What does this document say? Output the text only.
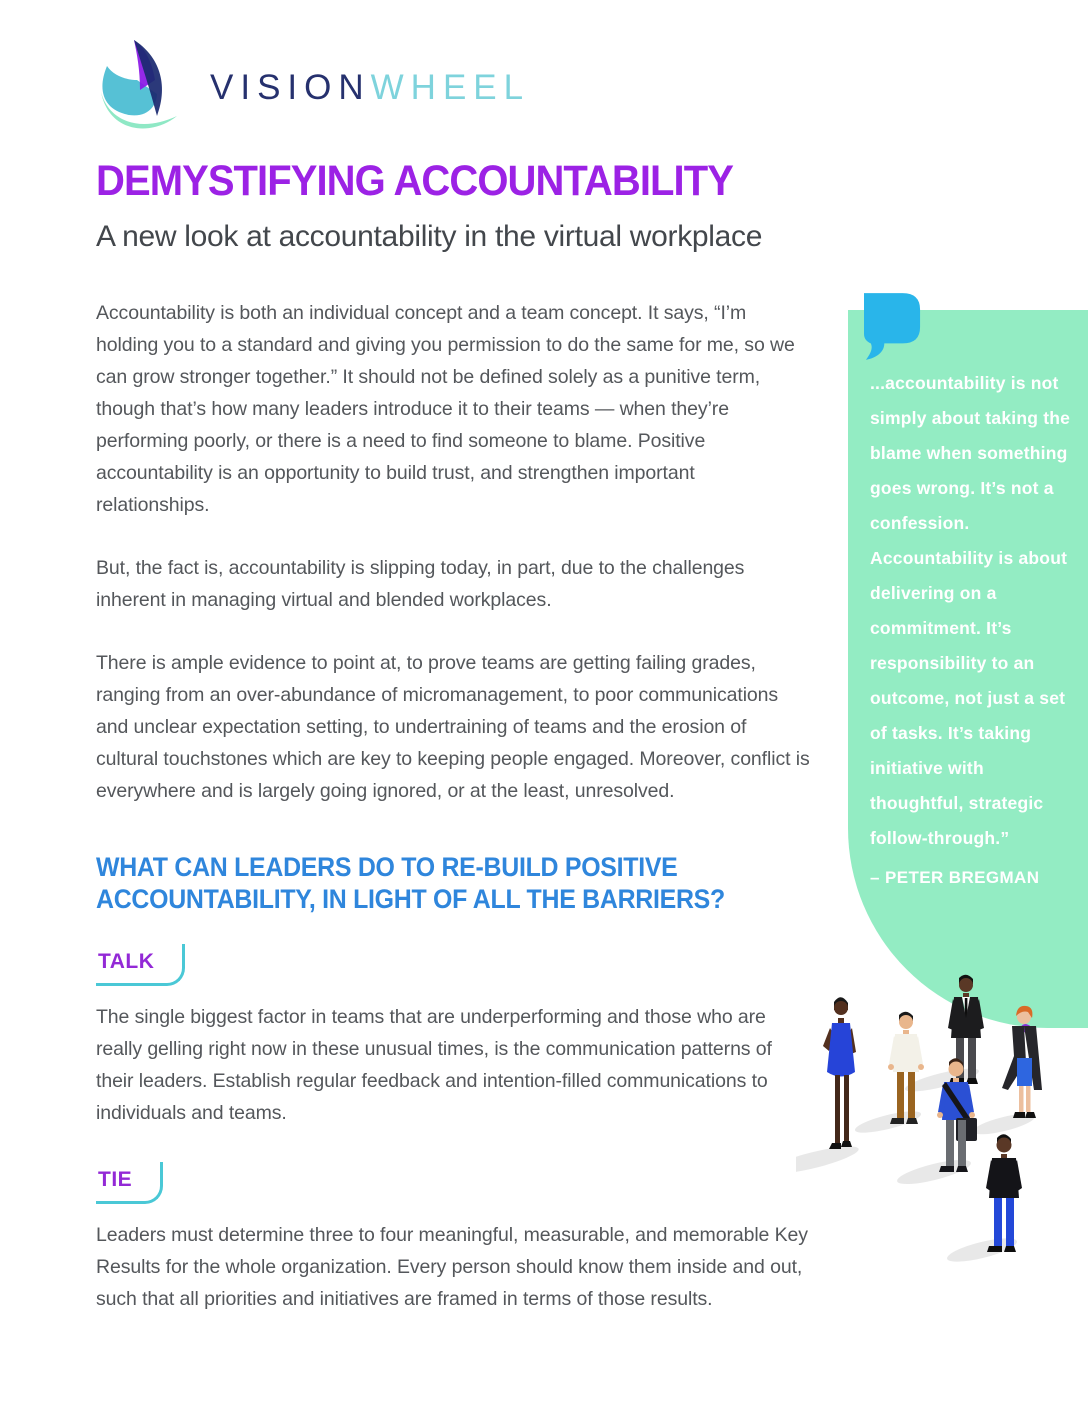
VISIONWHEEL
DEMYSTIFYING ACCOUNTABILITY
A new look at accountability in the virtual workplace

Accountability is both an individual concept and a team concept. It says, “I’m holding you to a standard and giving you permission to do the same for me, so we can grow stronger together.” It should not be defined solely as a punitive term, though that’s how many leaders introduce it to their teams — when they’re performing poorly, or there is a need to find someone to blame. Positive accountability is an opportunity to build trust, and strengthen important relationships.

But, the fact is, accountability is slipping today, in part, due to the challenges inherent in managing virtual and blended workplaces.

There is ample evidence to point at, to prove teams are getting failing grades, ranging from an over-abundance of micromanagement, to poor communications and unclear expectation setting, to undertraining of teams and the erosion of cultural touchstones which are key to keeping people engaged. Moreover, conflict is everywhere and is largely going ignored, or at the least, unresolved.

WHAT CAN LEADERS DO TO RE-BUILD POSITIVE ACCOUNTABILITY, IN LIGHT OF ALL THE BARRIERS?
TALK

The single biggest factor in teams that are underperforming and those who are really gelling right now in these unusual times, is the communication patterns of their leaders. Establish regular feedback and intention-filled communications to individuals and teams.

TIE

Leaders must determine three to four meaningful, measurable, and memorable Key Results for the whole organization. Every person should know them inside and out, such that all priorities and initiatives are framed in terms of those results.

...accountability is not simply about taking the blame when something goes wrong. It’s not a confession. Accountability is about delivering on a commitment. It’s responsibility to an outcome, not just a set of tasks. It’s taking initiative with thoughtful, strategic follow-through.”
– PETER BREGMAN
